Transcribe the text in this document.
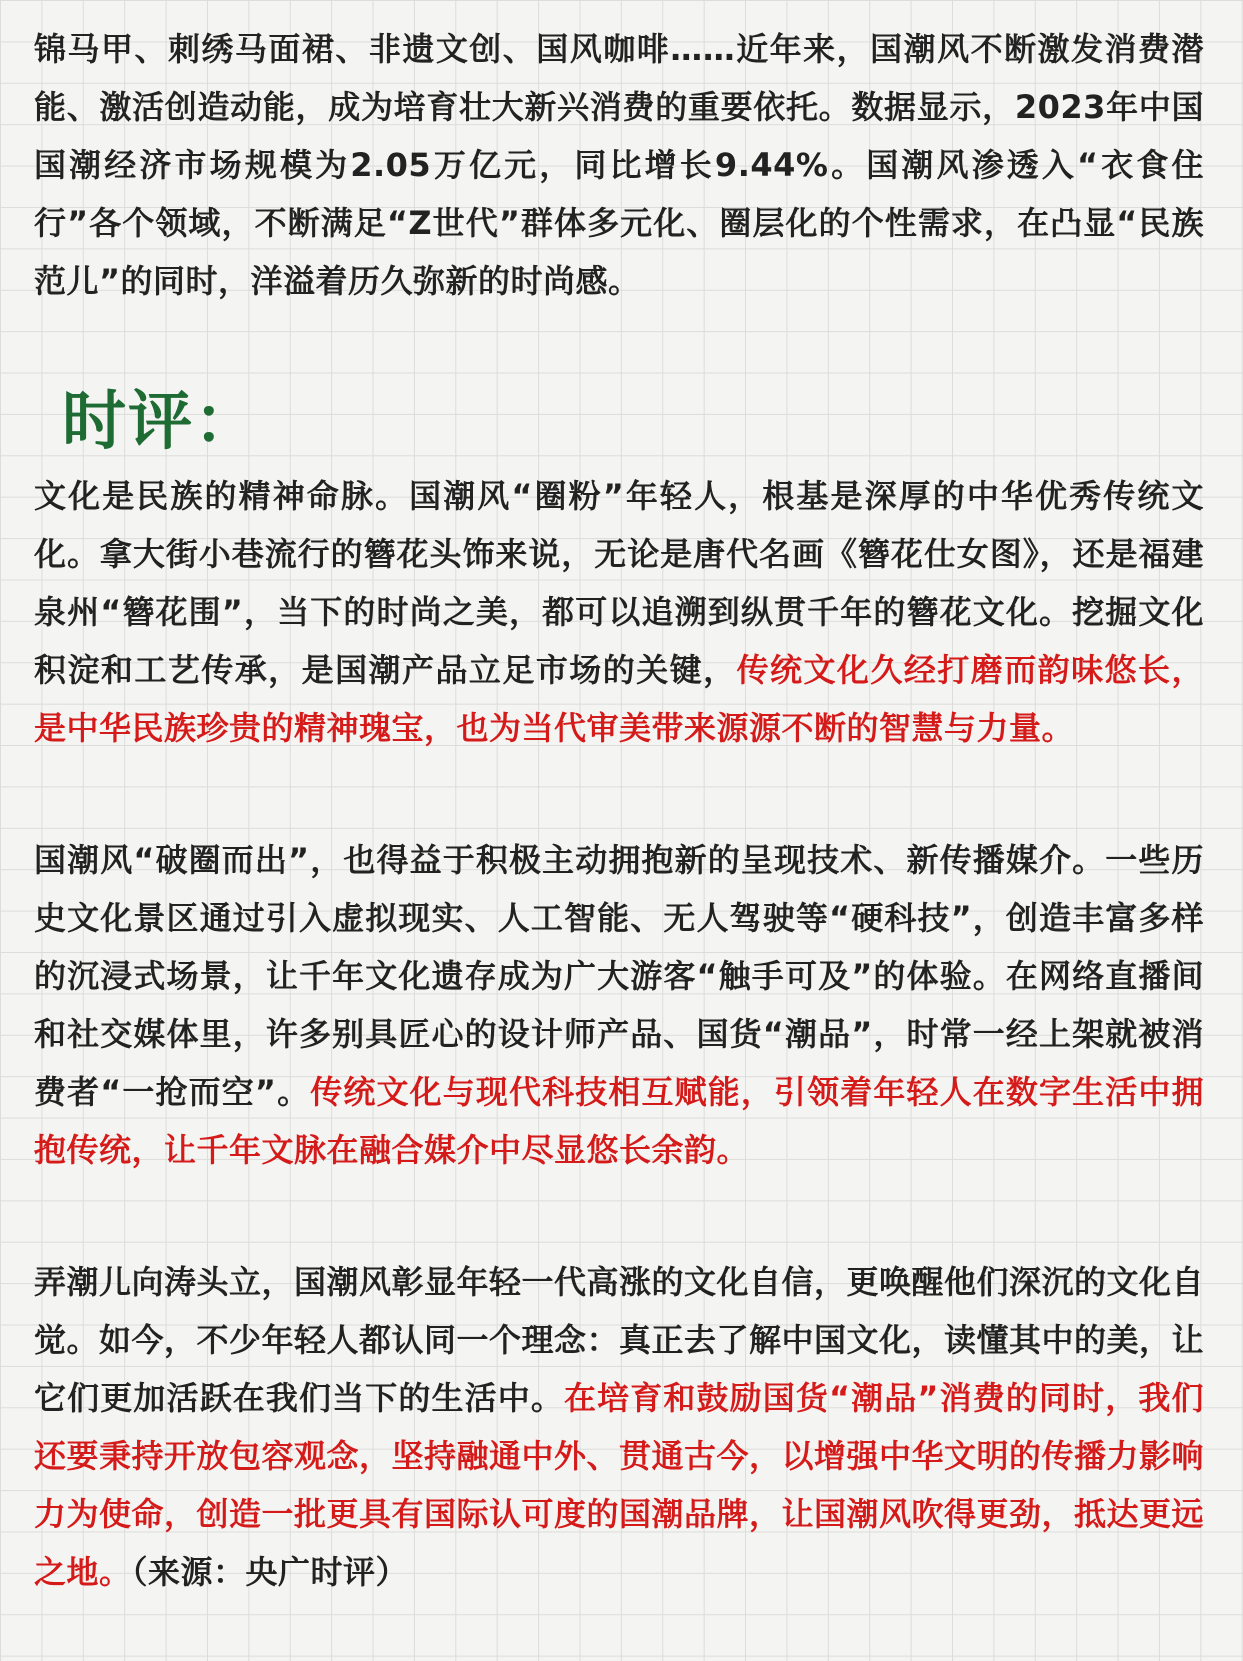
锦马甲、刺绣马面裙、非遗文创、国风咖啡……近年来，国潮风不断激发消费潜能、激活创造动能，成为培育壮大新兴消费的重要依托。数据显示，2023年中国国潮经济市场规模为2.05万亿元，同比增长9.44%。国潮风渗透入“衣食住行”各个领域，不断满足“Z世代”群体多元化、圈层化的个性需求，在凸显“民族范儿”的同时，洋溢着历久弥新的时尚感。

时评：

文化是民族的精神命脉。国潮风“圈粉”年轻人，根基是深厚的中华优秀传统文化。拿大街小巷流行的簪花头饰来说，无论是唐代名画《簪花仕女图》，还是福建泉州“簪花围”，当下的时尚之美，都可以追溯到纵贯千年的簪花文化。挖掘文化积淀和工艺传承，是国潮产品立足市场的关键，传统文化久经打磨而韵味悠长，是中华民族珍贵的精神瑰宝，也为当代审美带来源源不断的智慧与力量。

国潮风“破圈而出”，也得益于积极主动拥抱新的呈现技术、新传播媒介。一些历史文化景区通过引入虚拟现实、人工智能、无人驾驶等“硬科技”，创造丰富多样的沉浸式场景，让千年文化遗存成为广大游客“触手可及”的体验。在网络直播间和社交媒体里，许多别具匠心的设计师产品、国货“潮品”，时常一经上架就被消费者“一抢而空”。传统文化与现代科技相互赋能，引领着年轻人在数字生活中拥抱传统，让千年文脉在融合媒介中尽显悠长余韵。

弄潮儿向涛头立，国潮风彰显年轻一代高涨的文化自信，更唤醒他们深沉的文化自觉。如今，不少年轻人都认同一个理念：真正去了解中国文化，读懂其中的美，让它们更加活跃在我们当下的生活中。在培育和鼓励国货“潮品”消费的同时，我们还要秉持开放包容观念，坚持融通中外、贯通古今，以增强中华文明的传播力影响力为使命，创造一批更具有国际认可度的国潮品牌，让国潮风吹得更劲，抵达更远之地。（来源：央广时评）
